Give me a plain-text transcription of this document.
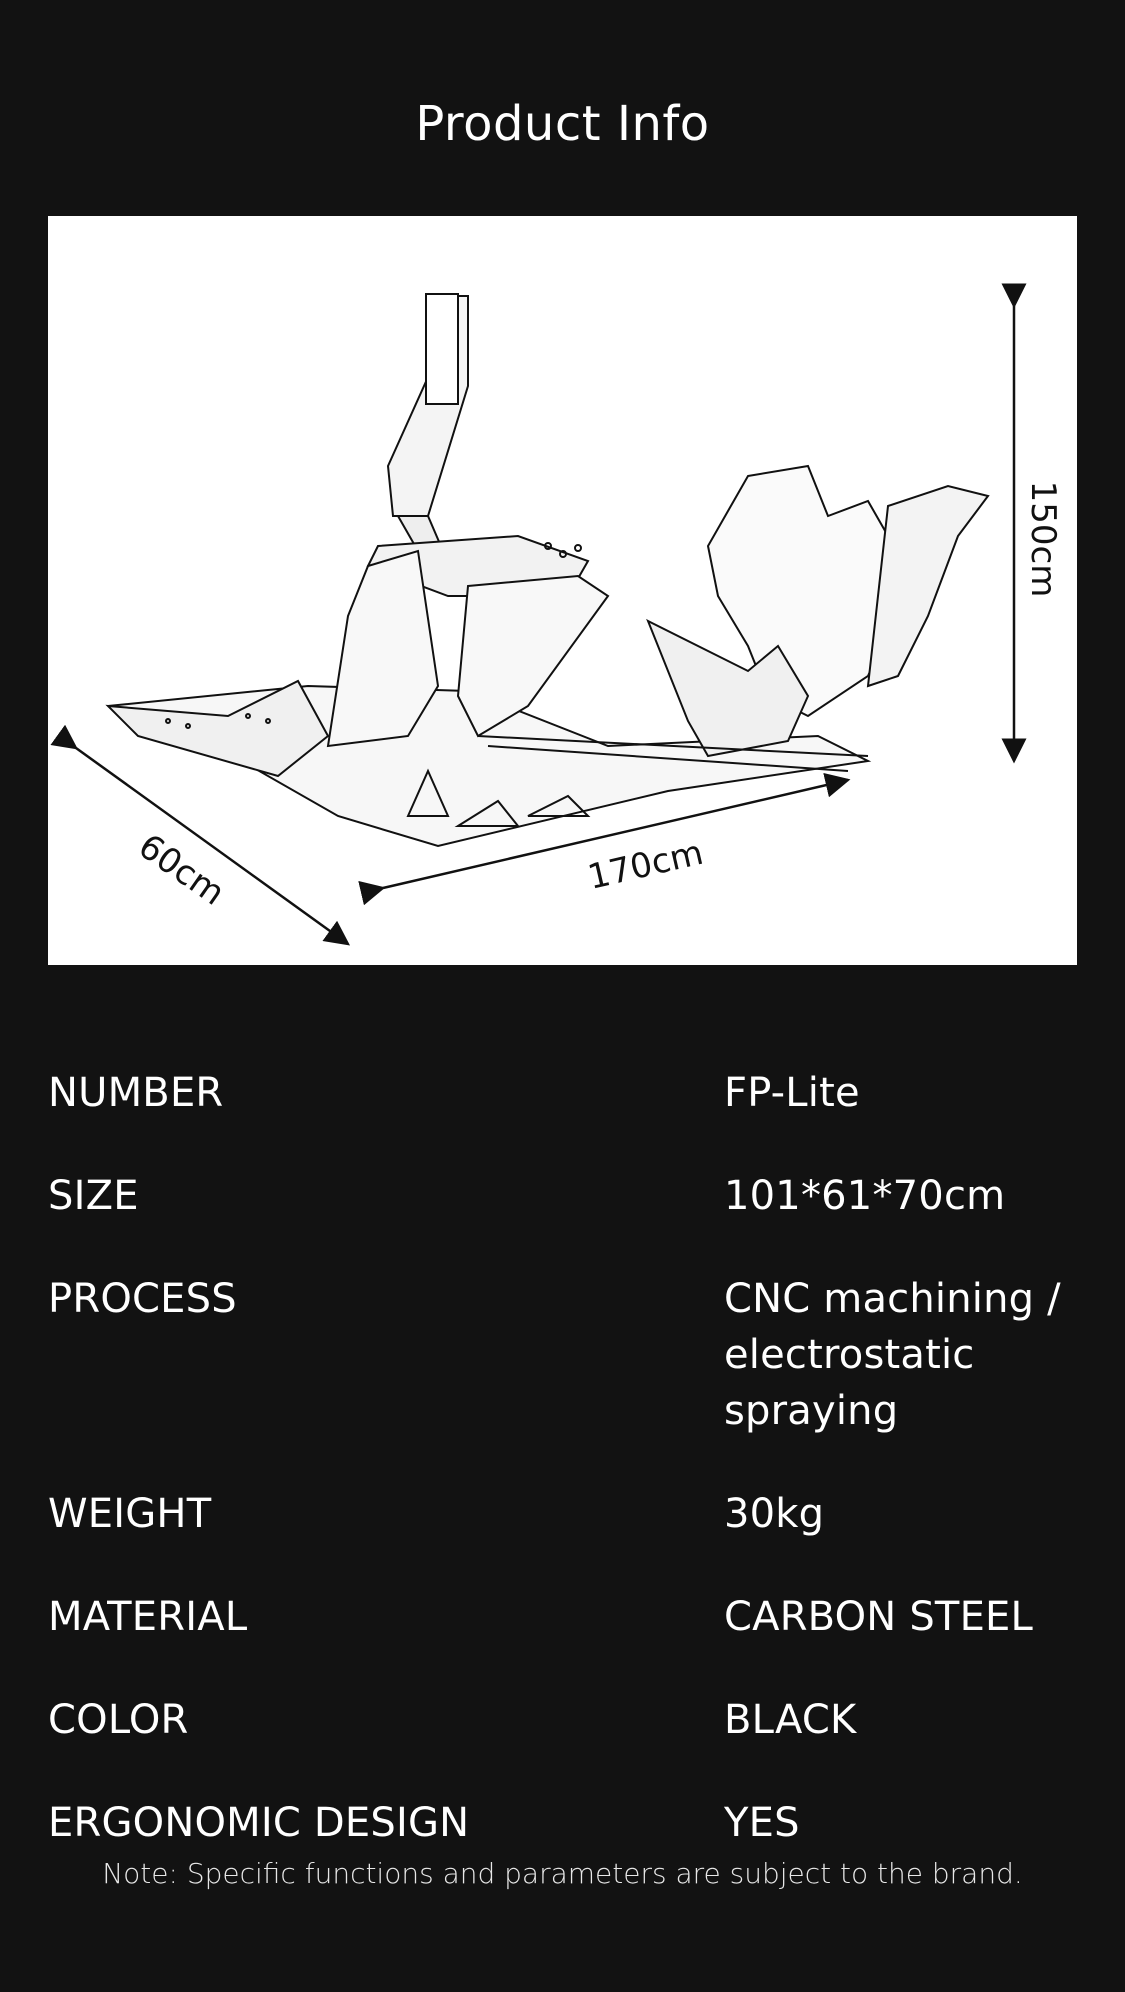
Product Info
150cm
170cm
60cm
NUMBER	FP-Lite
SIZE	101*61*70cm
PROCESS	CNC machining / electrostatic spraying
WEIGHT	30kg
MATERIAL	CARBON STEEL
COLOR	BLACK
ERGONOMIC DESIGN	YES
Note: Specific functions and parameters are subject to the brand.
